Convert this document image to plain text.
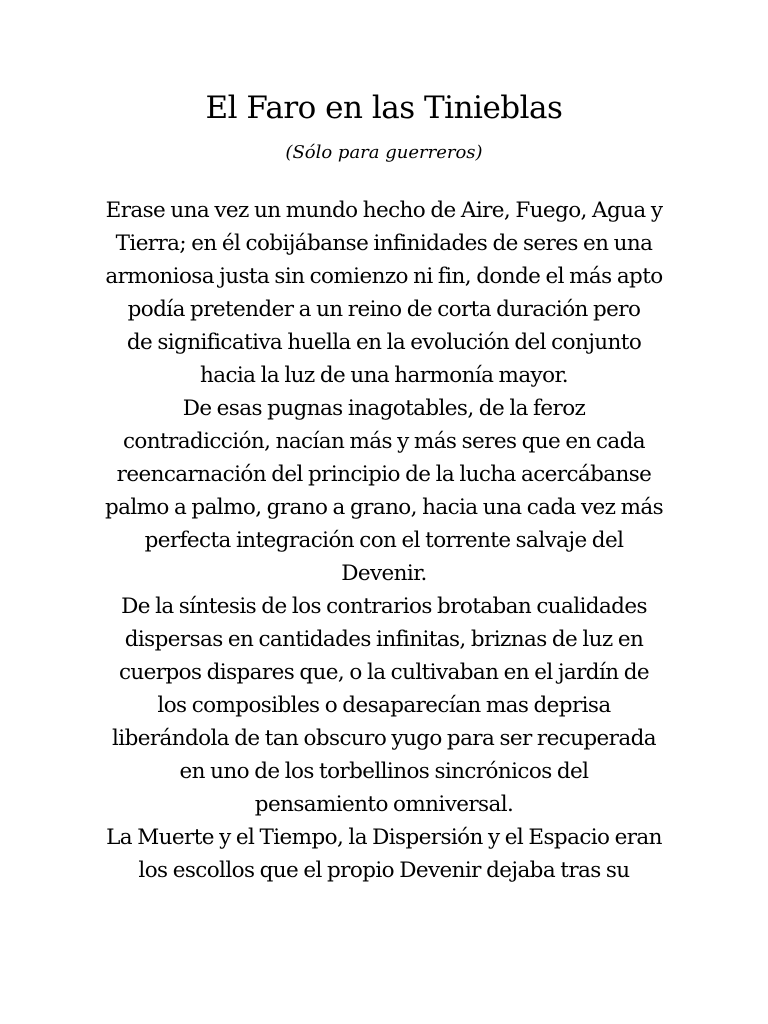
El Faro en las Tinieblas
(Sólo para guerreros)
Erase una vez un mundo hecho de Aire, Fuego, Agua y
Tierra; en él cobijábanse infinidades de seres en una
armoniosa justa sin comienzo ni fin, donde el más apto
podía pretender a un reino de corta duración pero
de significativa huella en la evolución del conjunto
hacia la luz de una harmonía mayor.
De esas pugnas inagotables, de la feroz
contradicción, nacían más y más seres que en cada
reencarnación del principio de la lucha acercábanse
palmo a palmo, grano a grano, hacia una cada vez más
perfecta integración con el torrente salvaje del
Devenir.
De la síntesis de los contrarios brotaban cualidades
dispersas en cantidades infinitas, briznas de luz en
cuerpos dispares que, o la cultivaban en el jardín de
los composibles o desaparecían mas deprisa
liberándola de tan obscuro yugo para ser recuperada
en uno de los torbellinos sincrónicos del
pensamiento omniversal.
La Muerte y el Tiempo, la Dispersión y el Espacio eran
los escollos que el propio Devenir dejaba tras su
